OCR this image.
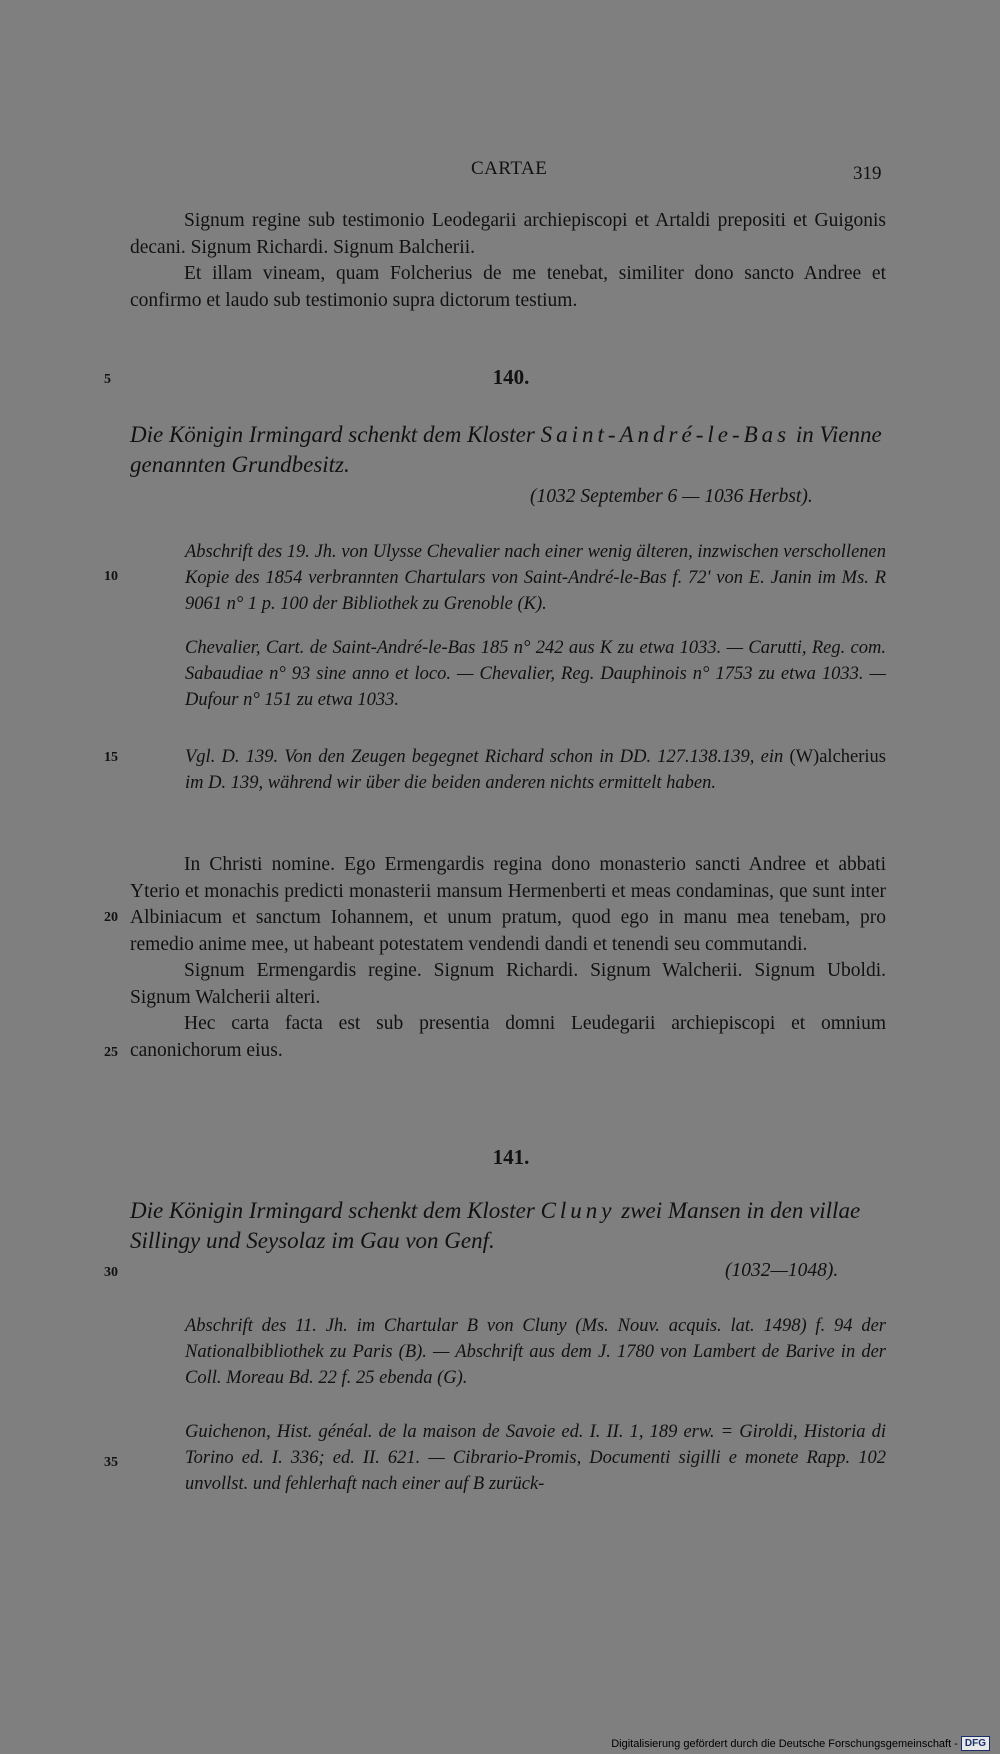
CARTAE	319

Signum regine sub testimonio Leodegarii archiepiscopi et Artaldi prepositi et Guigonis decani. Signum Richardi. Signum Balcherii.

Et illam vineam, quam Folcherius de me tenebat, similiter dono sancto Andree et confirmo et laudo sub testimonio supra dictorum testium.

5	140.
Die Königin Irmingard schenkt dem Kloster Saint-André-le-Bas in Vienne genannten Grundbesitz.
(1032 September 6 — 1036 Herbst).
10
Abschrift des 19. Jh. von Ulysse Chevalier nach einer wenig älteren, inzwischen verschollenen Kopie des 1854 verbrannten Chartulars von Saint-André-le-Bas f. 72' von E. Janin im Ms. R 9061 n° 1 p. 100 der Bibliothek zu Grenoble (K).
Chevalier, Cart. de Saint-André-le-Bas 185 n° 242 aus K zu etwa 1033. — Carutti, Reg. com. Sabaudiae n° 93 sine anno et loco. — Chevalier, Reg. Dauphinois n° 1753 zu etwa 1033. — Dufour n° 151 zu etwa 1033.
15	Vgl. D. 139. Von den Zeugen begegnet Richard schon in DD. 127.138.139, ein (W)alcherius im D. 139, während wir über die beiden anderen nichts ermittelt haben.
20

In Christi nomine. Ego Ermengardis regina dono monasterio sancti Andree et abbati Yterio et monachis predicti monasterii mansum Hermenberti et meas condaminas, que sunt inter Albiniacum et sanctum Iohannem, et unum pratum, quod ego in manu mea tenebam, pro remedio anime mee, ut habeant potestatem vendendi dandi et tenendi seu commutandi.

Signum Ermengardis regine. Signum Richardi. Signum Walcherii. Signum Uboldi. Signum Walcherii alteri.

Hec carta facta est sub presentia domni Leudegarii archiepiscopi et omnium canonichorum eius.

25
141.
Die Königin Irmingard schenkt dem Kloster Cluny zwei Mansen in den villae Sillingy und Seysolaz im Gau von Genf.
30	(1032—1048).
Abschrift des 11. Jh. im Chartular B von Cluny (Ms. Nouv. acquis. lat. 1498) f. 94 der Nationalbibliothek zu Paris (B). — Abschrift aus dem J. 1780 von Lambert de Barive in der Coll. Moreau Bd. 22 f. 25 ebenda (G).
35
Guichenon, Hist. généal. de la maison de Savoie ed. I. II. 1, 189 erw. = Giroldi, Historia di Torino ed. I. 336; ed. II. 621. — Cibrario-Promis, Documenti sigilli e monete Rapp. 102 unvollst. und fehlerhaft nach einer auf B zurück-
Digitalisierung gefördert durch die Deutsche Forschungsgemeinschaft - DFG
